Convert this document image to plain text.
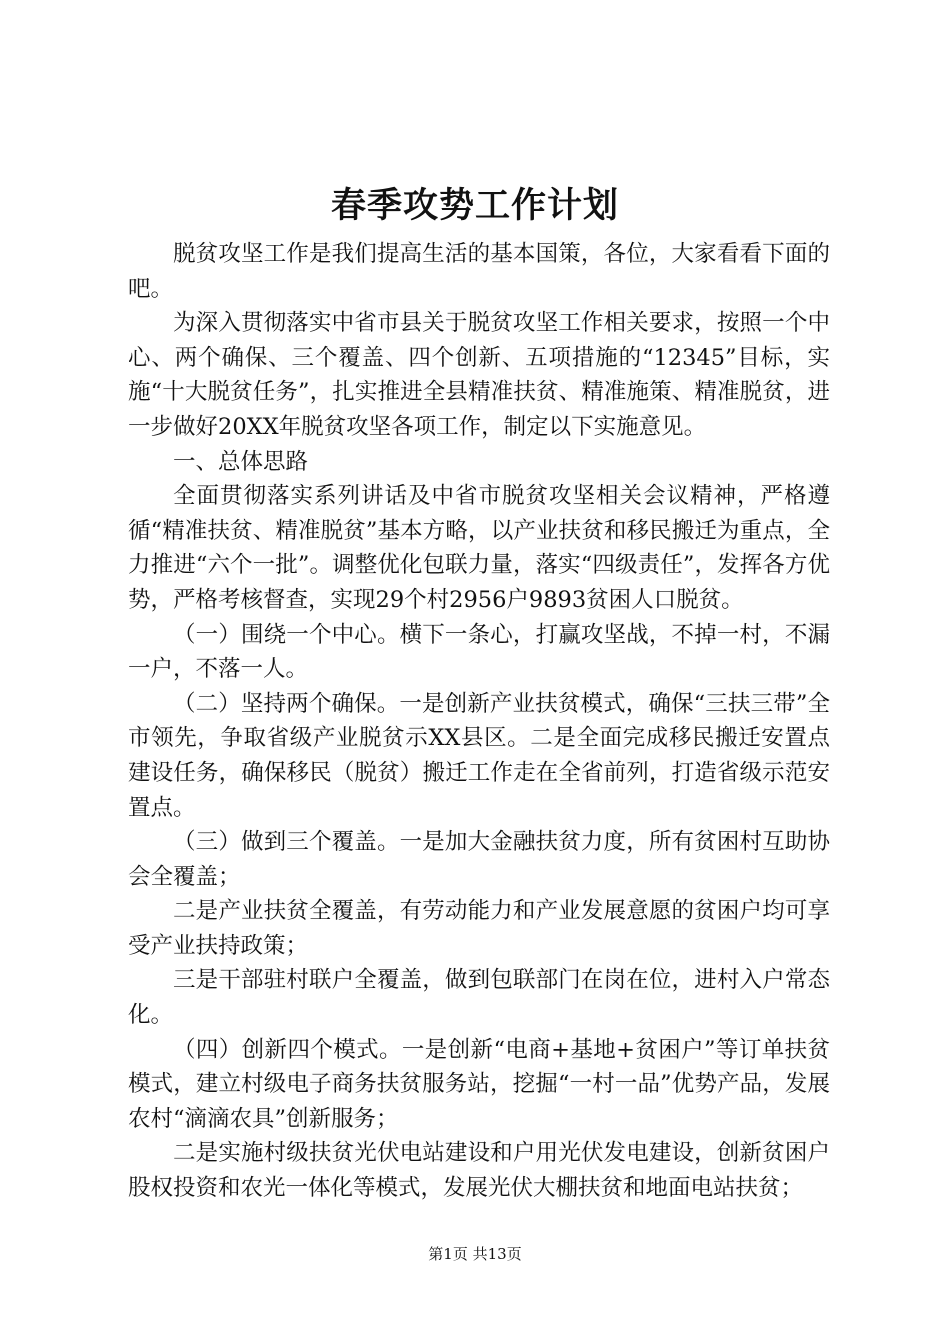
春季攻势工作计划

脱贫攻坚工作是我们提高生活的基本国策，各位，大家看看下面的吧。

为深入贯彻落实中省市县关于脱贫攻坚工作相关要求，按照一个中心、两个确保、三个覆盖、四个创新、五项措施的“12345”目标，实施“十大脱贫任务”，扎实推进全县精准扶贫、精准施策、精准脱贫，进一步做好20XX年脱贫攻坚各项工作，制定以下实施意见。

一、总体思路

全面贯彻落实系列讲话及中省市脱贫攻坚相关会议精神，严格遵循“精准扶贫、精准脱贫”基本方略，以产业扶贫和移民搬迁为重点，全力推进“六个一批”。调整优化包联力量，落实“四级责任”，发挥各方优势，严格考核督查，实现29个村2956户9893贫困人口脱贫。

（一）围绕一个中心。横下一条心，打赢攻坚战，不掉一村，不漏一户，不落一人。

（二）坚持两个确保。一是创新产业扶贫模式，确保“三扶三带”全市领先，争取省级产业脱贫示XX县区。二是全面完成移民搬迁安置点建设任务，确保移民（脱贫）搬迁工作走在全省前列，打造省级示范安置点。

（三）做到三个覆盖。一是加大金融扶贫力度，所有贫困村互助协会全覆盖；

二是产业扶贫全覆盖，有劳动能力和产业发展意愿的贫困户均可享受产业扶持政策；

三是干部驻村联户全覆盖，做到包联部门在岗在位，进村入户常态化。

（四）创新四个模式。一是创新“电商+基地+贫困户”等订单扶贫模式，建立村级电子商务扶贫服务站，挖掘“一村一品”优势产品，发展农村“滴滴农具”创新服务；

二是实施村级扶贫光伏电站建设和户用光伏发电建设，创新贫困户股权投资和农光一体化等模式，发展光伏大棚扶贫和地面电站扶贫；

第1页 共13页
